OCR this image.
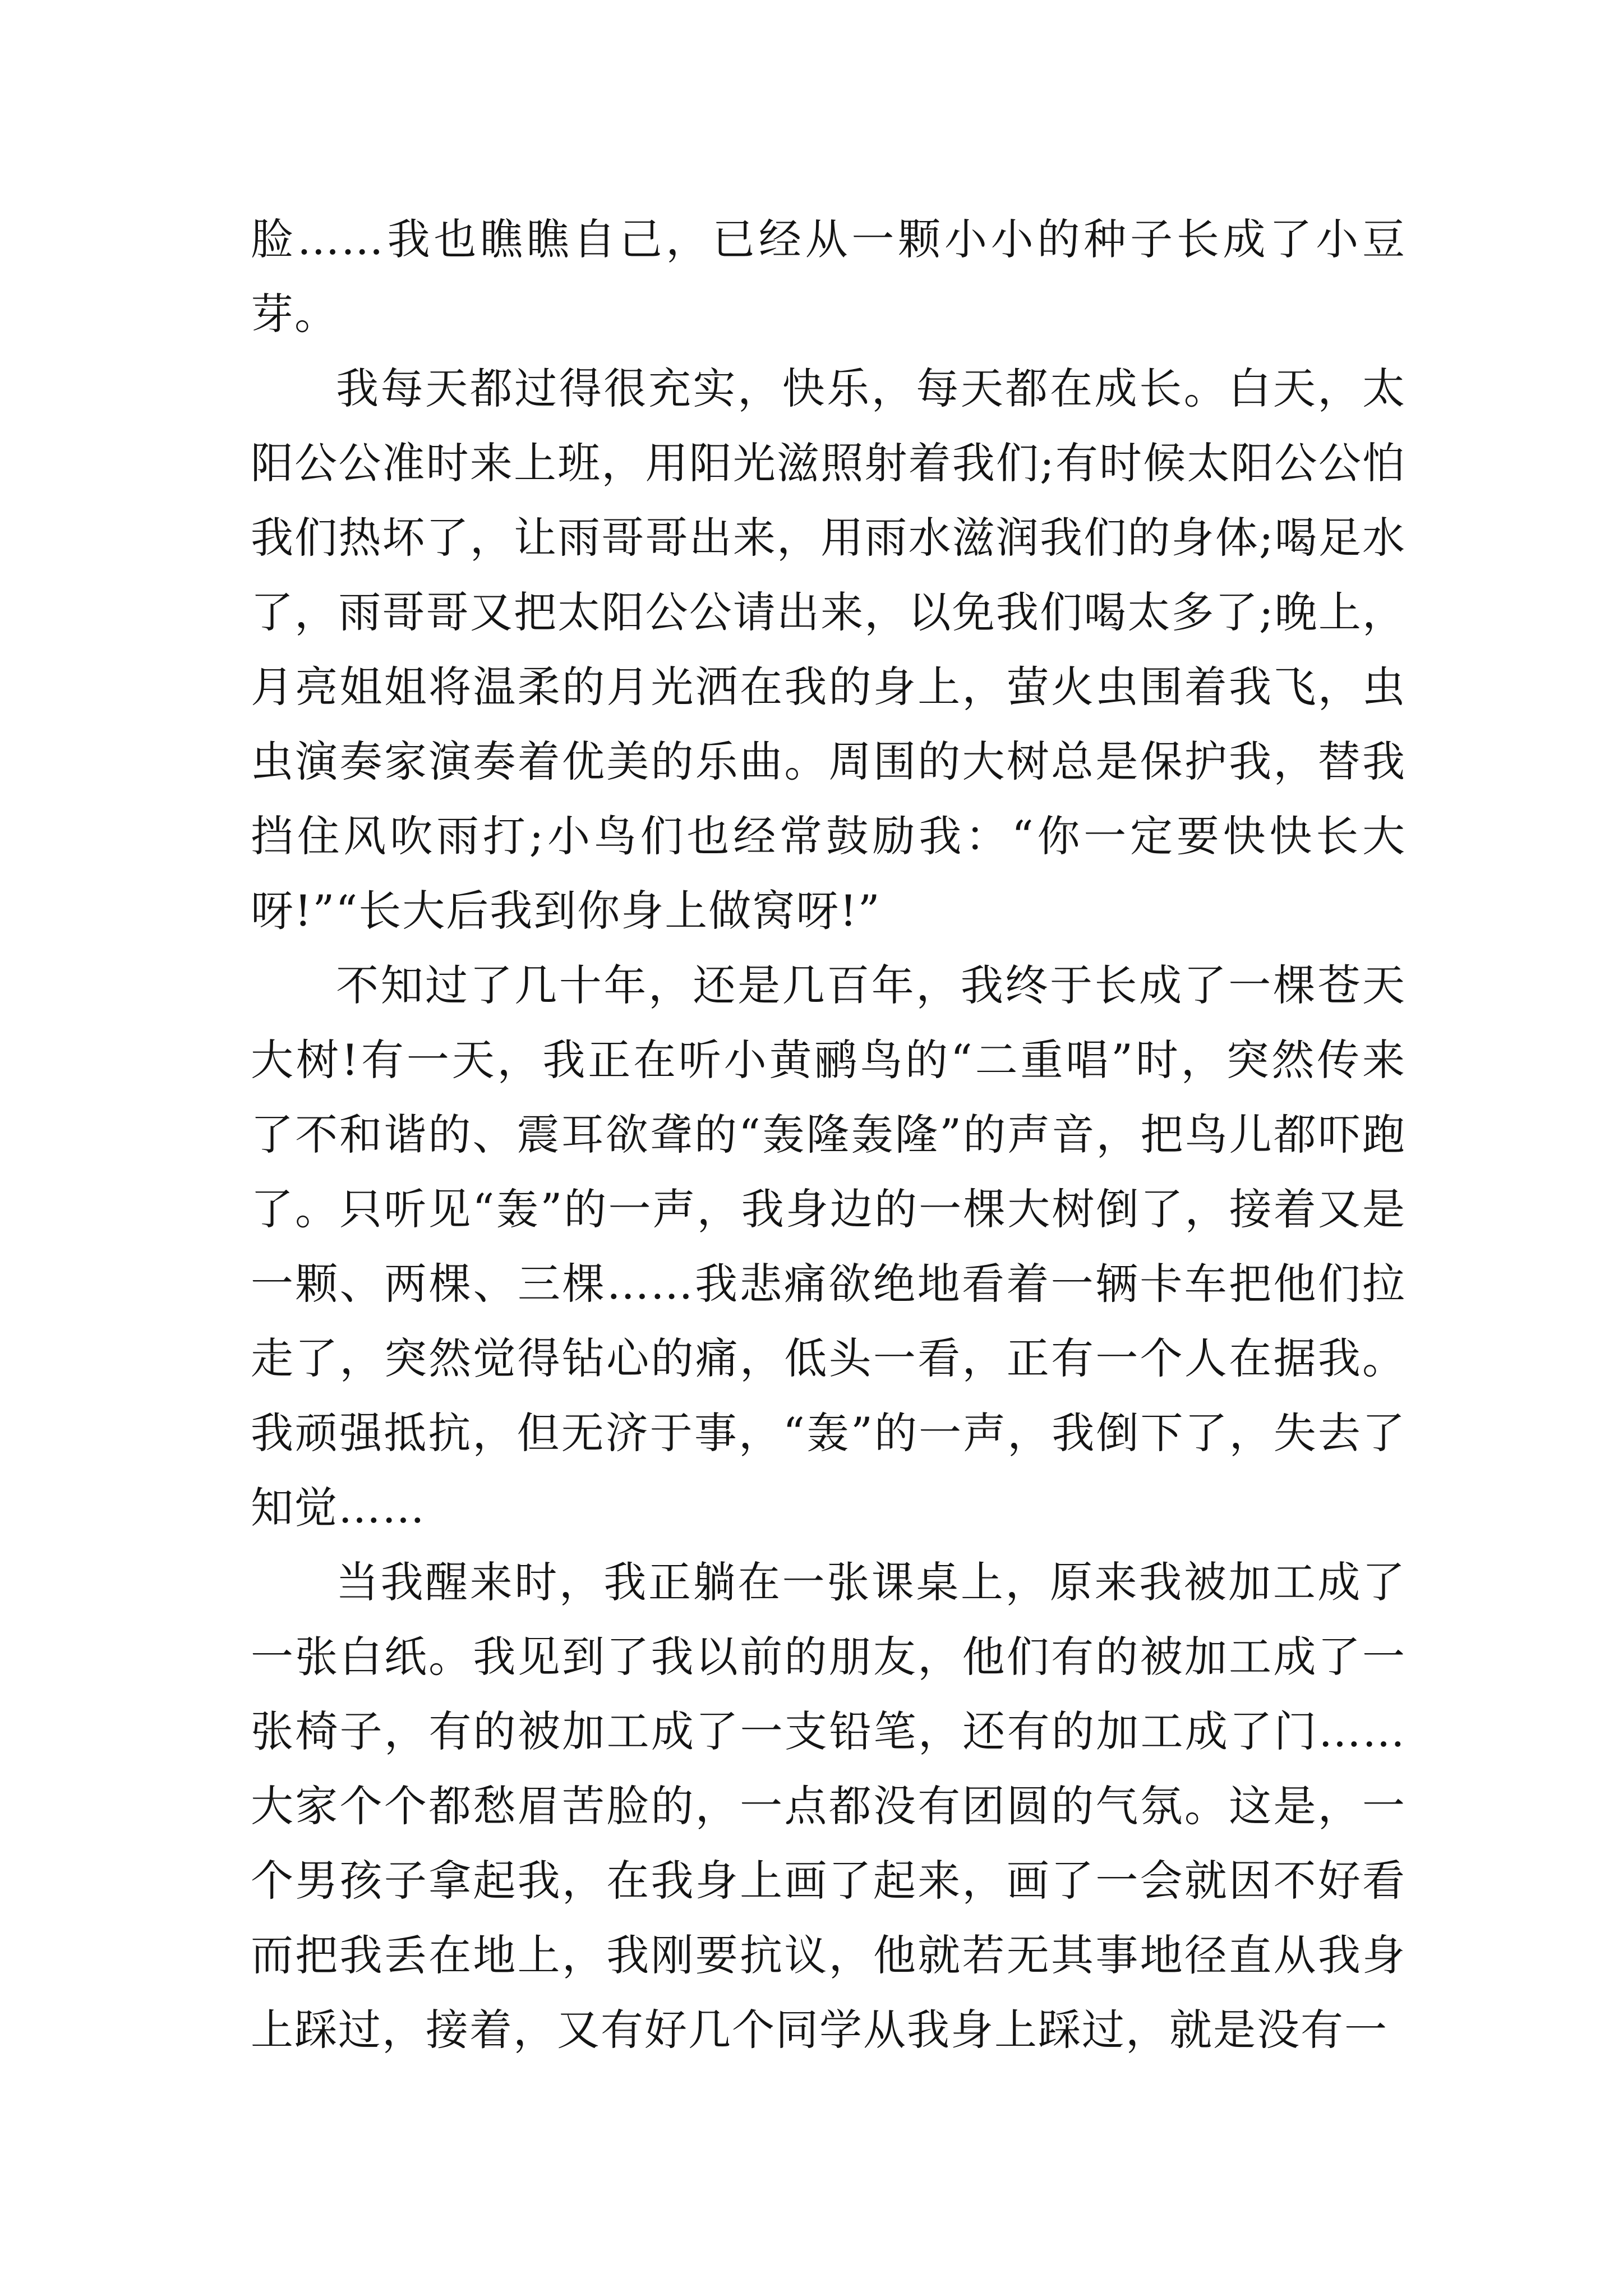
脸……我也瞧瞧自己，已经从一颗小小的种子长成了小豆芽。

我每天都过得很充实，快乐，每天都在成长。白天，太阳公公准时来上班，用阳光滋照射着我们;有时候太阳公公怕我们热坏了，让雨哥哥出来，用雨水滋润我们的身体;喝足水了，雨哥哥又把太阳公公请出来，以免我们喝太多了;晚上，月亮姐姐将温柔的月光洒在我的身上，萤火虫围着我飞，虫虫演奏家演奏着优美的乐曲。周围的大树总是保护我，替我挡住风吹雨打;小鸟们也经常鼓励我：“你一定要快快长大呀!”“长大后我到你身上做窝呀!”

不知过了几十年，还是几百年，我终于长成了一棵苍天大树!有一天，我正在听小黄鹂鸟的“二重唱”时，突然传来了不和谐的、震耳欲聋的“轰隆轰隆”的声音，把鸟儿都吓跑了。只听见“轰”的一声，我身边的一棵大树倒了，接着又是一颗、两棵、三棵……我悲痛欲绝地看着一辆卡车把他们拉走了，突然觉得钻心的痛，低头一看，正有一个人在据我。我顽强抵抗，但无济于事，“轰”的一声，我倒下了，失去了知觉……

当我醒来时，我正躺在一张课桌上，原来我被加工成了一张白纸。我见到了我以前的朋友，他们有的被加工成了一张椅子，有的被加工成了一支铅笔，还有的加工成了门……大家个个都愁眉苦脸的，一点都没有团圆的气氛。这是，一个男孩子拿起我，在我身上画了起来，画了一会就因不好看而把我丢在地上，我刚要抗议，他就若无其事地径直从我身上踩过，接着，又有好几个同学从我身上踩过，就是没有一
